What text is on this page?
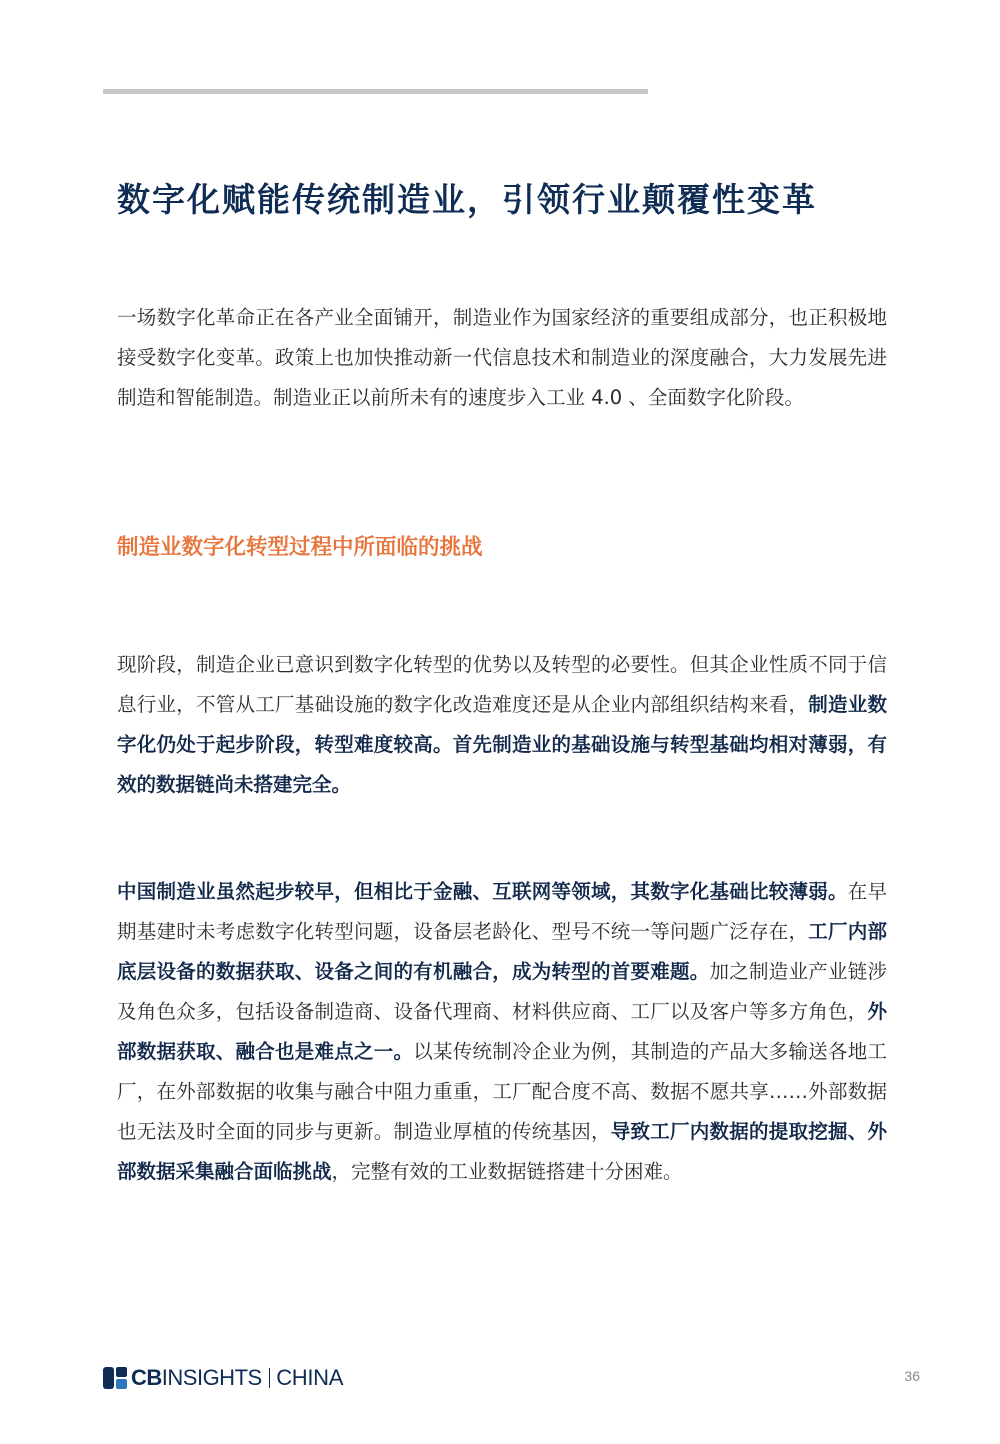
数字化赋能传统制造业，引领行业颠覆性变革

一场数字化革命正在各产业全面铺开，制造业作为国家经济的重要组成部分，也正积极地接受数字化变革。政策上也加快推动新一代信息技术和制造业的深度融合，大力发展先进制造和智能制造。制造业正以前所未有的速度步入工业 4.0 、全面数字化阶段。

制造业数字化转型过程中所面临的挑战

现阶段，制造企业已意识到数字化转型的优势以及转型的必要性。但其企业性质不同于信息行业，不管从工厂基础设施的数字化改造难度还是从企业内部组织结构来看，制造业数字化仍处于起步阶段，转型难度较高。首先制造业的基础设施与转型基础均相对薄弱，有效的数据链尚未搭建完全。

中国制造业虽然起步较早，但相比于金融、互联网等领域，其数字化基础比较薄弱。在早期基建时未考虑数字化转型问题，设备层老龄化、型号不统一等问题广泛存在，工厂内部底层设备的数据获取、设备之间的有机融合，成为转型的首要难题。加之制造业产业链涉及角色众多，包括设备制造商、设备代理商、材料供应商、工厂以及客户等多方角色，外部数据获取、融合也是难点之一。以某传统制冷企业为例，其制造的产品大多输送各地工厂，在外部数据的收集与融合中阻力重重，工厂配合度不高、数据不愿共享……外部数据也无法及时全面的同步与更新。制造业厚植的传统基因，导致工厂内数据的提取挖掘、外部数据采集融合面临挑战，完整有效的工业数据链搭建十分困难。

CB INSIGHTS CHINA	36
